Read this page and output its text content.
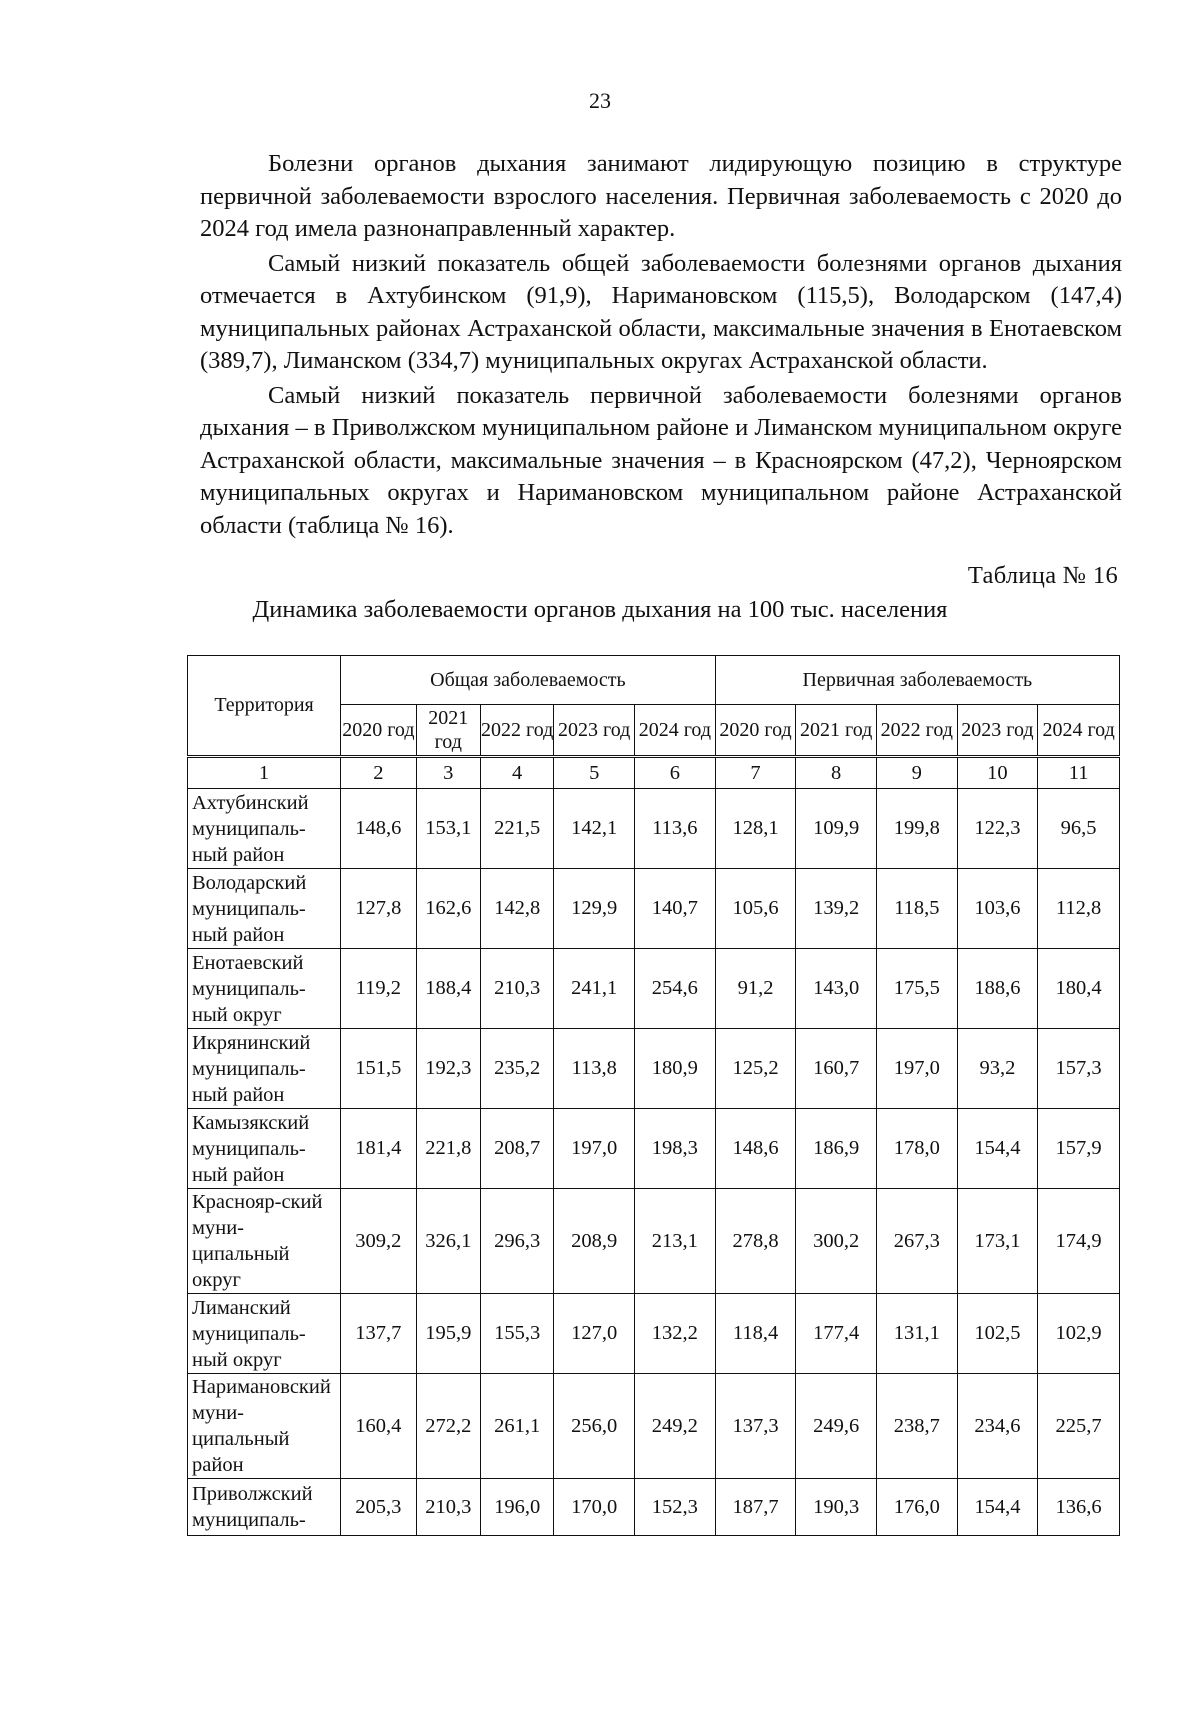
23

Болезни органов дыхания занимают лидирующую позицию в структуре первичной заболеваемости взрослого населения. Первичная заболеваемость с 2020 до 2024 год имела разнонаправленный характер.

Самый низкий показатель общей заболеваемости болезнями органов дыхания отмечается в Ахтубинском (91,9), Наримановском (115,5), Володарском (147,4) муниципальных районах Астраханской области, максимальные значения в Енотаевском (389,7), Лиманском (334,7) муниципальных округах Астраханской области.

Самый низкий показатель первичной заболеваемости болезнями органов дыхания – в Приволжском муниципальном районе и Лиманском муниципальном округе Астраханской области, максимальные значения – в Красноярском (47,2), Черноярском муниципальных округах и Наримановском муниципальном районе Астраханской области (таблица № 16).

Таблица № 16
Динамика заболеваемости органов дыхания на 100 тыс. населения
Территория	Общая заболеваемость					Первичная заболеваемость				
	2020 год	2021 год	2022 год	2023 год	2024 год	2020 год	2021 год	2022 год	2023 год	2024 год
1	2	3	4	5	6	7	8	9	10	11
Ахтубинский муниципаль-ный район	148,6	153,1	221,5	142,1	113,6	128,1	109,9	199,8	122,3	96,5
Володарский муниципаль-ный район	127,8	162,6	142,8	129,9	140,7	105,6	139,2	118,5	103,6	112,8
Енотаевский муниципаль-ный округ	119,2	188,4	210,3	241,1	254,6	91,2	143,0	175,5	188,6	180,4
Икрянинский муниципаль-ный район	151,5	192,3	235,2	113,8	180,9	125,2	160,7	197,0	93,2	157,3
Камызякский муниципаль-ный район	181,4	221,8	208,7	197,0	198,3	148,6	186,9	178,0	154,4	157,9
Краснояр-ский муни-ципальный округ	309,2	326,1	296,3	208,9	213,1	278,8	300,2	267,3	173,1	174,9
Лиманский муниципаль-ный округ	137,7	195,9	155,3	127,0	132,2	118,4	177,4	131,1	102,5	102,9
Наримановский муни-ципальный район	160,4	272,2	261,1	256,0	249,2	137,3	249,6	238,7	234,6	225,7
Приволжский муниципаль-	205,3	210,3	196,0	170,0	152,3	187,7	190,3	176,0	154,4	136,6
